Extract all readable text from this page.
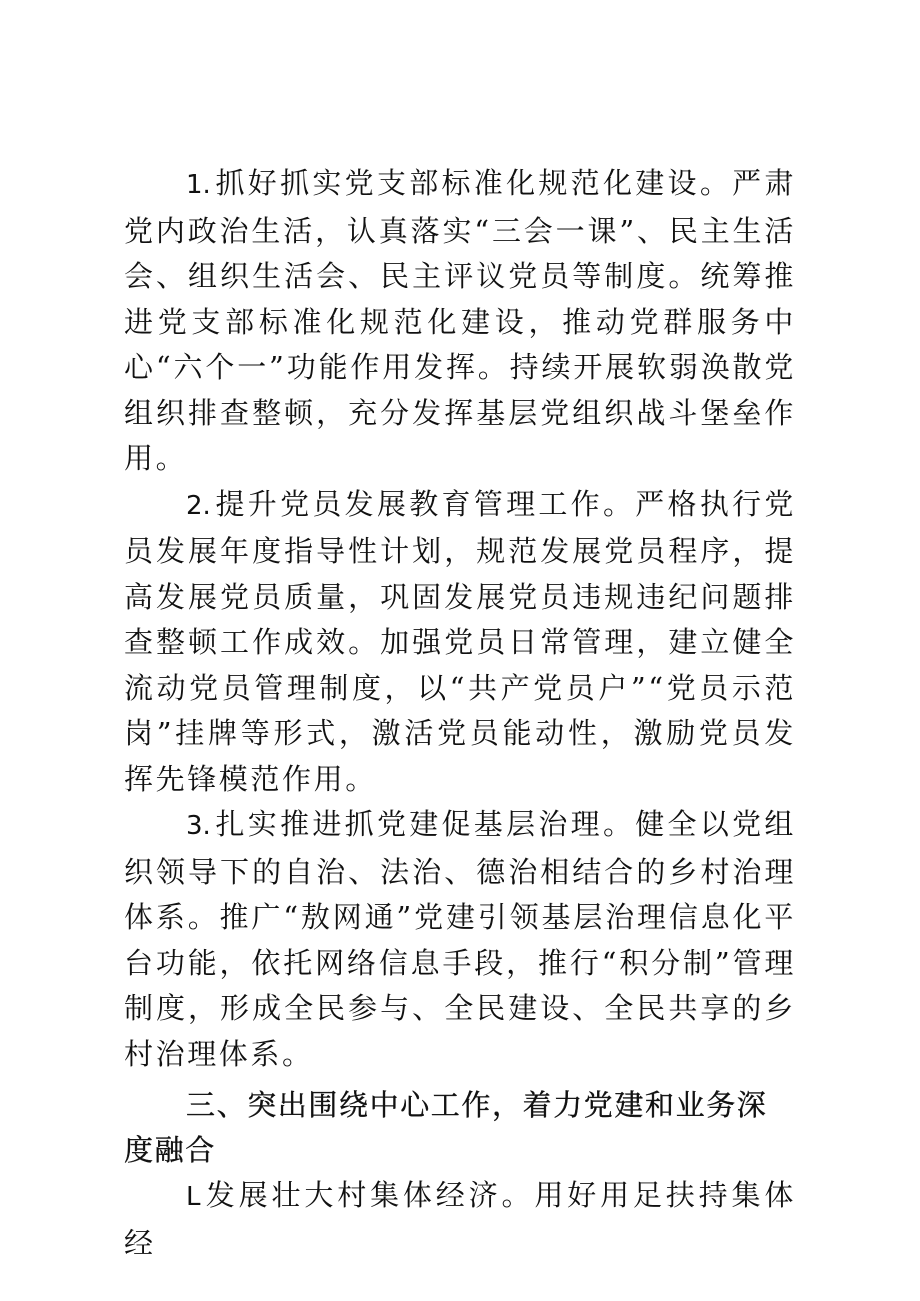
1. 抓好抓实党支部标准化规范化建设。严肃党内政治生活，认真落实“三会一课”、民主生活会、组织生活会、民主评议党员等制度。统筹推进党支部标准化规范化建设，推动党群服务中心“六个一”功能作用发挥。持续开展软弱涣散党组织排查整顿，充分发挥基层党组织战斗堡垒作用。

2. 提升党员发展教育管理工作。严格执行党员发展年度指导性计划，规范发展党员程序，提高发展党员质量，巩固发展党员违规违纪问题排查整顿工作成效。加强党员日常管理，建立健全流动党员管理制度，以“共产党员户”“党员示范岗”挂牌等形式，激活党员能动性，激励党员发挥先锋模范作用。

3. 扎实推进抓党建促基层治理。健全以党组织领导下的自治、法治、德治相结合的乡村治理体系。推广“敖网通”党建引领基层治理信息化平台功能，依托网络信息手段，推行“积分制”管理制度，形成全民参与、全民建设、全民共享的乡村治理体系。

三、突出围绕中心工作，着力党建和业务深度融合

L 发展壮大村集体经济。用好用足扶持集体经
